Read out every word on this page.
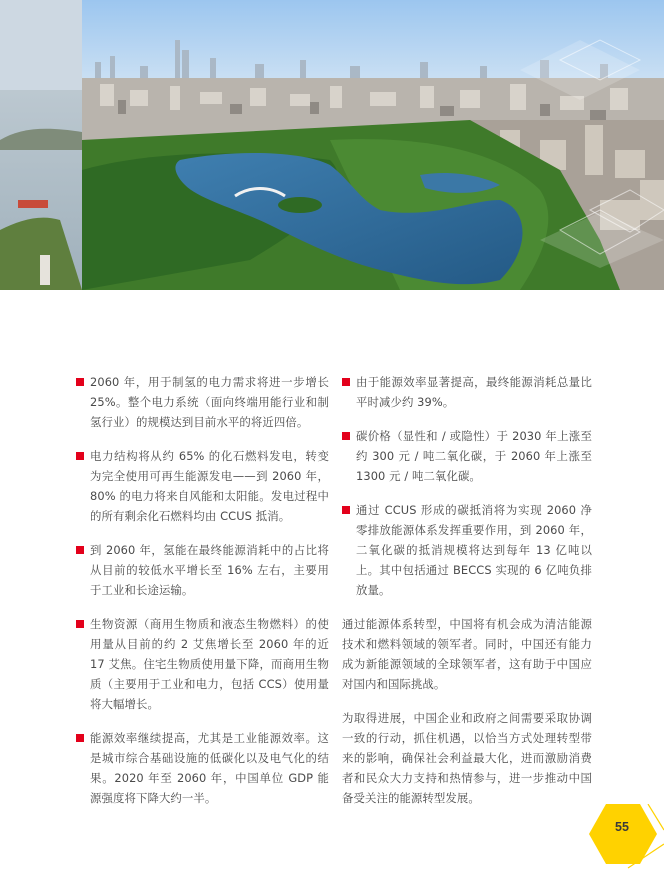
2060 年，用于制氢的电力需求将进一步增长 25%。整个电力系统（面向终端用能行业和制氢行业）的规模达到目前水平的将近四倍。

电力结构将从约 65% 的化石燃料发电，转变为完全使用可再生能源发电——到 2060 年，80% 的电力将来自风能和太阳能。发电过程中的所有剩余化石燃料均由 CCUS 抵消。

到 2060 年，氢能在最终能源消耗中的占比将从目前的较低水平增长至 16% 左右，主要用于工业和长途运输。

生物资源（商用生物质和液态生物燃料）的使用量从目前的约 2 艾焦增长至 2060 年的近 17 艾焦。住宅生物质使用量下降，而商用生物质（主要用于工业和电力，包括 CCS）使用量将大幅增长。

能源效率继续提高，尤其是工业能源效率。这是城市综合基础设施的低碳化以及电气化的结果。2020 年至 2060 年，中国单位 GDP 能源强度将下降大约一半。

由于能源效率显著提高，最终能源消耗总量比平时减少约 39%。

碳价格（显性和 / 或隐性）于 2030 年上涨至约 300 元 / 吨二氧化碳，于 2060 年上涨至 1300 元 / 吨二氧化碳。

通过 CCUS 形成的碳抵消将为实现 2060 净零排放能源体系发挥重要作用，到 2060 年，二氧化碳的抵消规模将达到每年 13 亿吨以上。其中包括通过 BECCS 实现的 6 亿吨负排放量。

通过能源体系转型，中国将有机会成为清洁能源技术和燃料领域的领军者。同时，中国还有能力成为新能源领域的全球领军者，这有助于中国应对国内和国际挑战。

为取得进展，中国企业和政府之间需要采取协调一致的行动，抓住机遇，以恰当方式处理转型带来的影响，确保社会利益最大化，进而激励消费者和民众大力支持和热情参与，进一步推动中国备受关注的能源转型发展。

55
